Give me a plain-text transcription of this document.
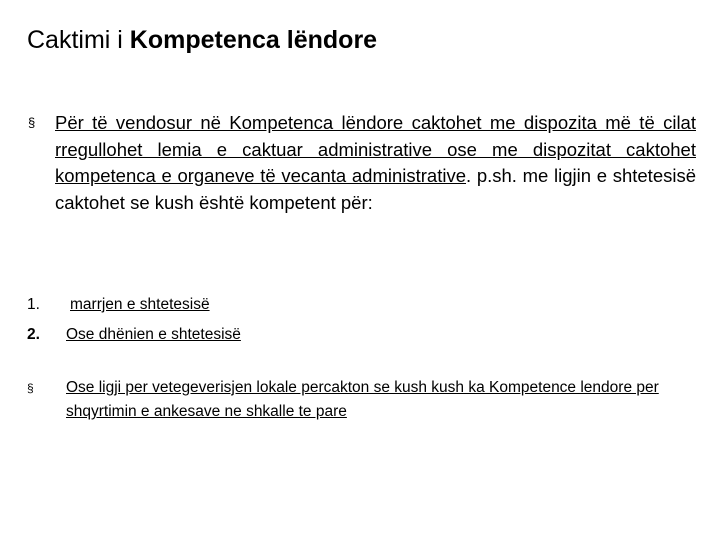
Caktimi i Kompetenca lëndore
§	Për të vendosur në Kompetenca lëndore caktohet me dispozita më të cilat rregullohet lemia e caktuar administrative ose me dispozitat caktohet kompetenca e organeve të vecanta administrative. p.sh. me ligjin e shtetesisë caktohet se kush është kompetent për:
1. marrjen e shtetesisë
2. Ose dhënien e shtetesisë
§ Ose ligji per vetegeverisjen lokale percakton se kush kush ka Kompetence lendore per shqyrtimin e ankesave ne shkalle te pare
